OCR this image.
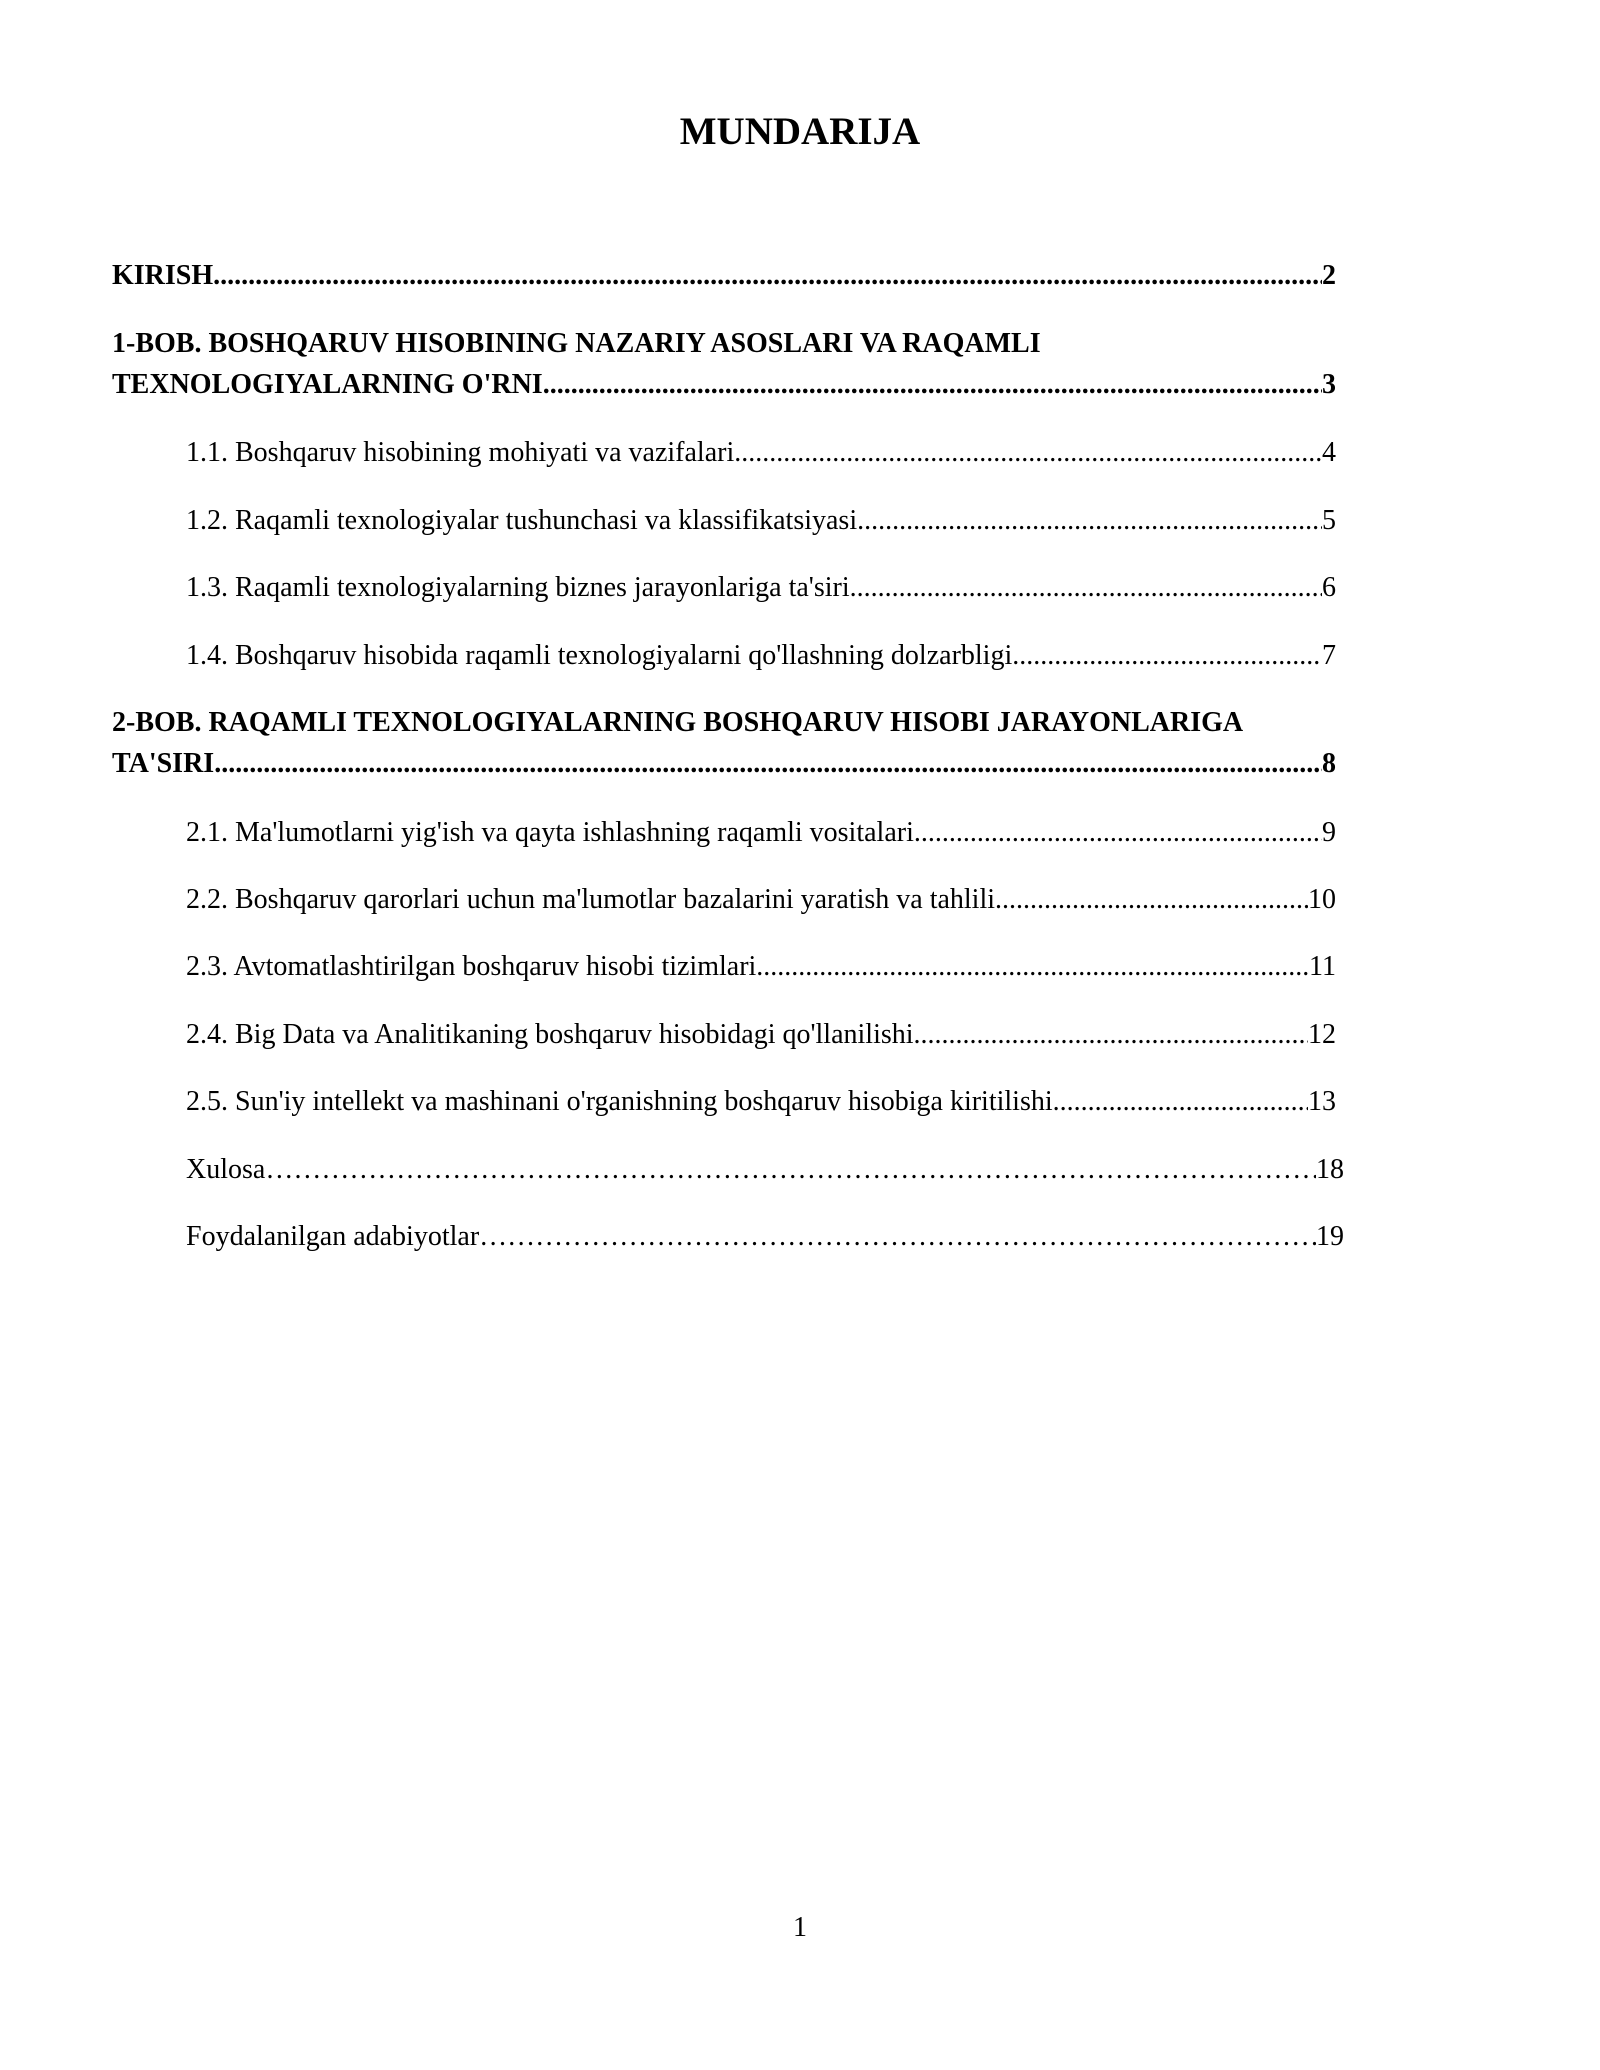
MUNDARIJA
KIRISH .....	2
1-BOB. BOSHQARUV HISOBINING NAZARIY ASOSLARI VA RAQAMLI
TEXNOLOGIYALARNING O'RNI .....	3
1.1. Boshqaruv hisobining mohiyati va vazifalari .....	4
1.2. Raqamli texnologiyalar tushunchasi va klassifikatsiyasi .....	5
1.3. Raqamli texnologiyalarning biznes jarayonlariga ta'siri .....	6
1.4. Boshqaruv hisobida raqamli texnologiyalarni qo'llashning dolzarbligi .....	7
2-BOB. RAQAMLI TEXNOLOGIYALARNING BOSHQARUV HISOBI JARAYONLARIGA
TA'SIRI .....	8
2.1. Ma'lumotlarni yig'ish va qayta ishlashning raqamli vositalari .....	9
2.2. Boshqaruv qarorlari uchun ma'lumotlar bazalarini yaratish va tahlili .....	10
2.3. Avtomatlashtirilgan boshqaruv hisobi tizimlari .....	11
2.4. Big Data va Analitikaning boshqaruv hisobidagi qo'llanilishi .....	12
2.5. Sun'iy intellekt va mashinani o'rganishning boshqaruv hisobiga kiritilishi .....	13
Xulosa …………………………………………………………………………………………………………………………………………………………………………………………………………………	18
Foydalanilgan adabiyotlar …………………………………………………………………………………………………………………………………………………………………………………………………………………	19
1
